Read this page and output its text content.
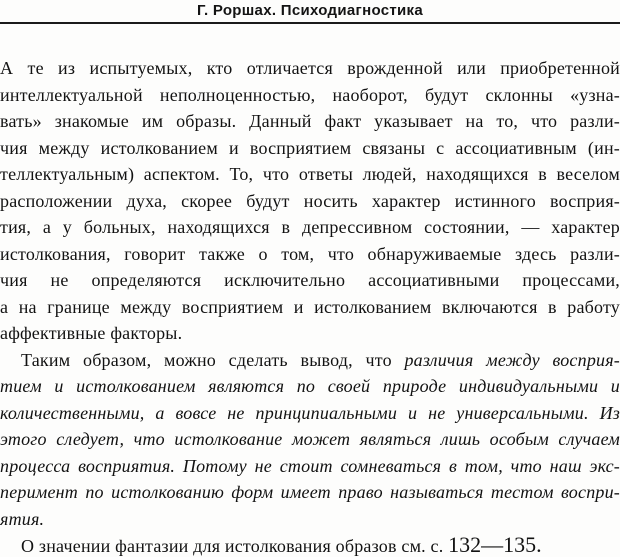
Г. Роршах. Психодиагностика
А те из испытуемых, кто отличается врожденной или приобретенной
интеллектуальной неполноценностью, наоборот, будут склонны «узна-
вать» знакомые им образы. Данный факт указывает на то, что разли-
чия между истолкованием и восприятием связаны с ассоциативным (ин-
теллектуальным) аспектом. То, что ответы людей, находящихся в веселом
расположении духа, скорее будут носить характер истинного восприя-
тия, а у больных, находящихся в депрессивном состоянии, — характер
истолкования, говорит также о том, что обнаруживаемые здесь разли-
чия не определяются исключительно ассоциативными процессами,
а на границе между восприятием и истолкованием включаются в работу
аффективные факторы.
Таким образом, можно сделать вывод, что различия между восприя-
тием и истолкованием являются по своей природе индивидуальными и
количественными, а вовсе не принципиальными и не универсальными. Из
этого следует, что истолкование может являться лишь особым случаем
процесса восприятия. Потому не стоит сомневаться в том, что наш экс-
перимент по истолкованию форм имеет право называться тестом воспри-
ятия.
О значении фантазии для истолкования образов см. с. 132—135.
